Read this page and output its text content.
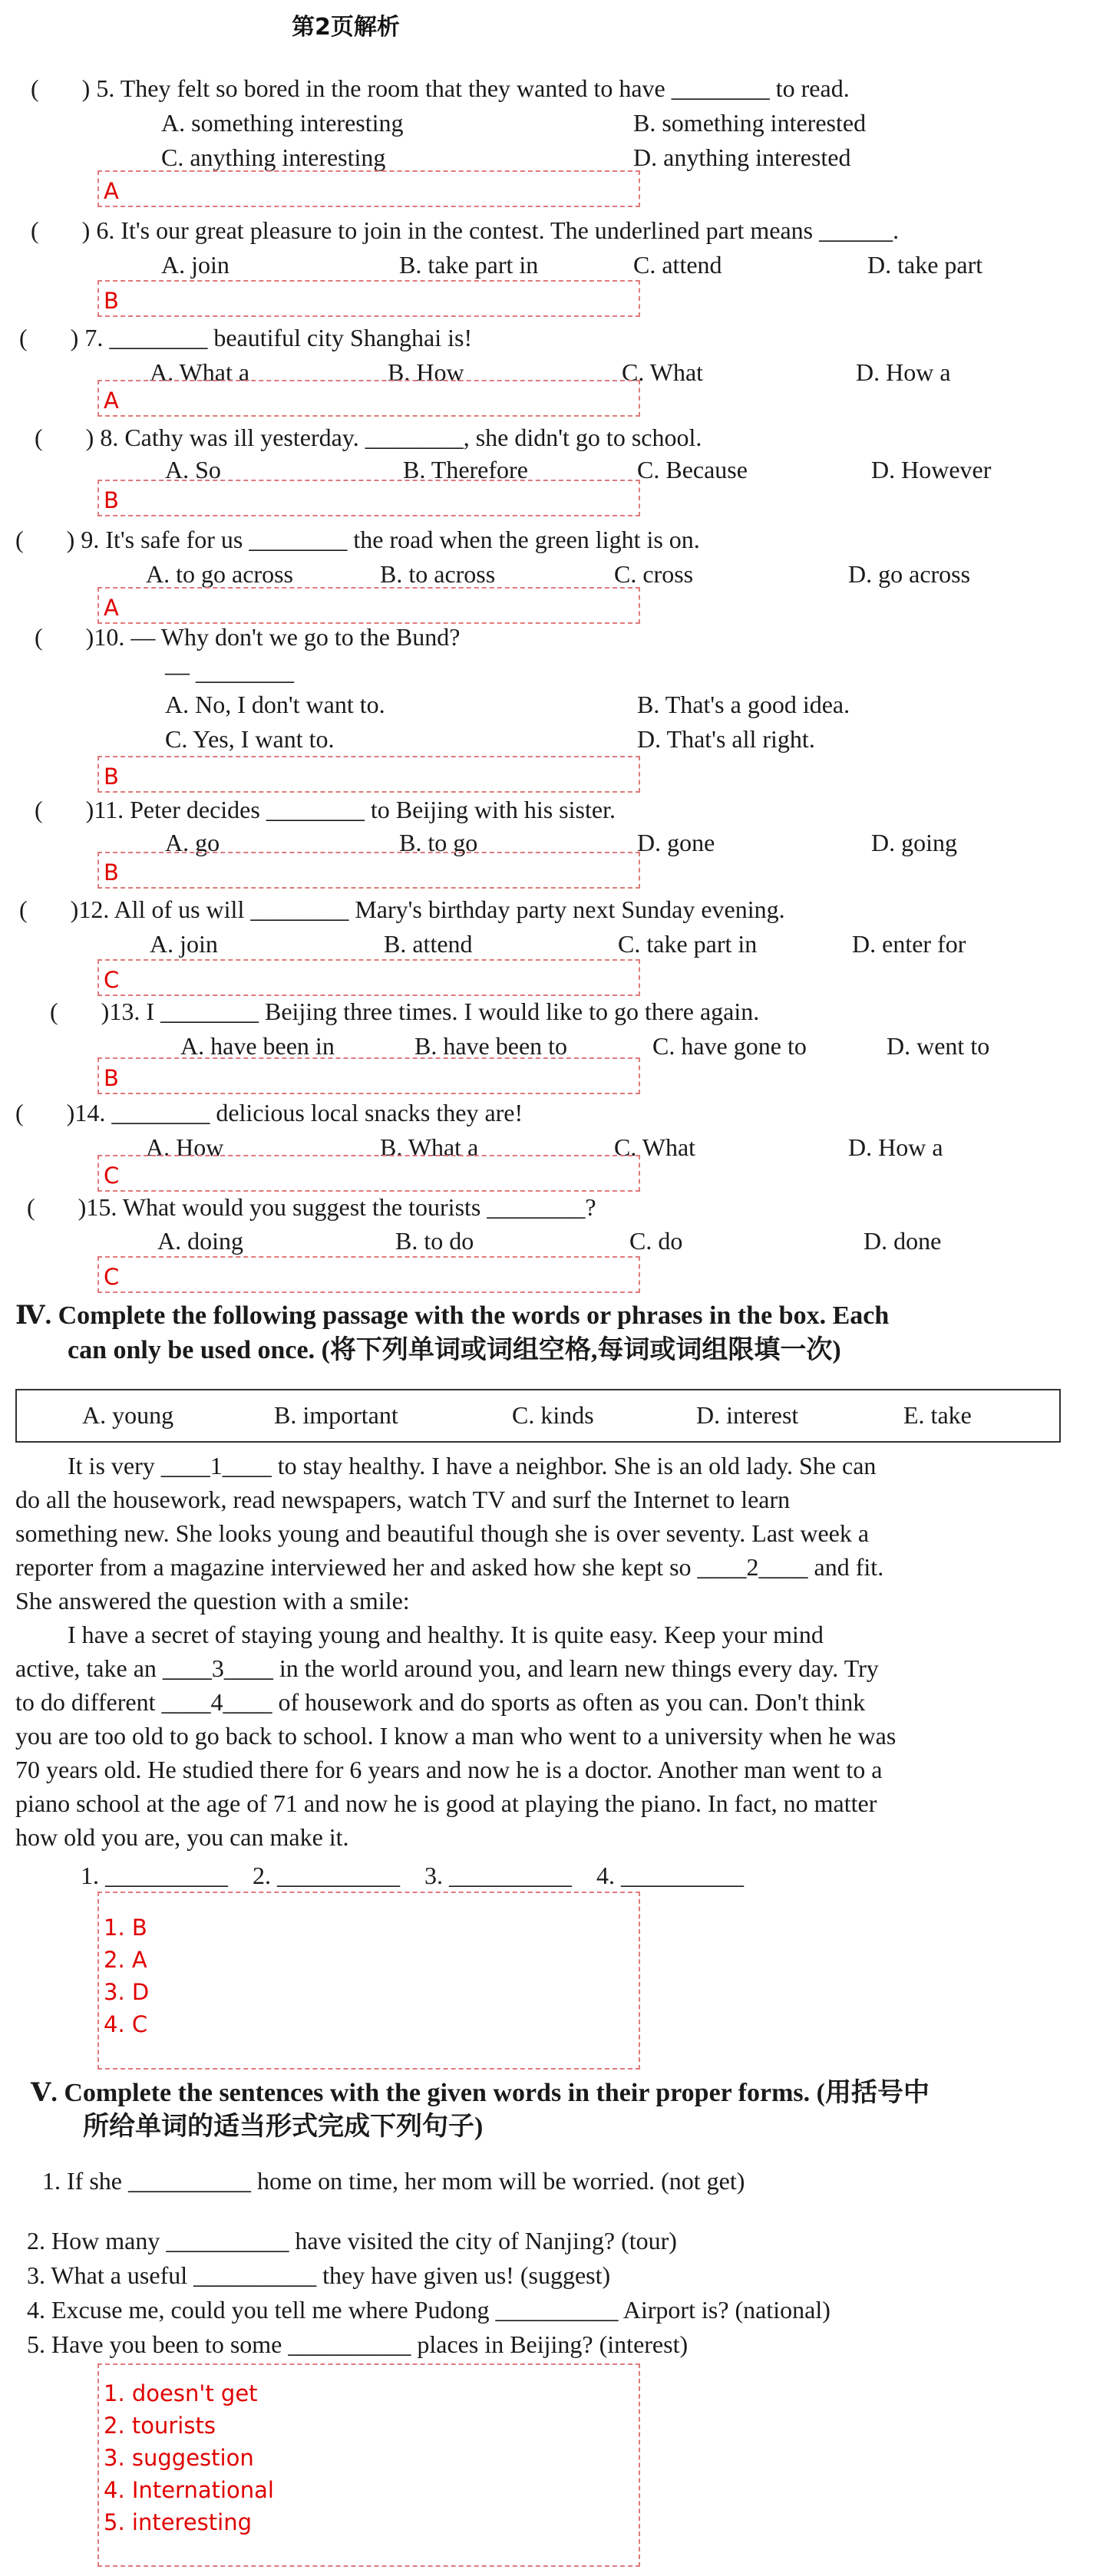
第2页解析
(       ) 5. They felt so bored in the room that they wanted to have ________ to read.
A. something interesting	B. something interested
C. anything interesting	D. anything interested
A
(       ) 6. It's our great pleasure to join in the contest. The underlined part means ______.
A. join	B. take part in	C. attend	D. take part
B
(       ) 7. ________ beautiful city Shanghai is!
A. What a	B. How	C. What	D. How a
A
(       ) 8. Cathy was ill yesterday. ________, she didn't go to school.
A. So	B. Therefore	C. Because	D. However
B
(       ) 9. It's safe for us ________ the road when the green light is on.
A. to go across	B. to across	C. cross	D. go across
A
(       )10. — Why don't we go to the Bund?
— ________
A. No, I don't want to.	B. That's a good idea.
C. Yes, I want to.	D. That's all right.
B
(       )11. Peter decides ________ to Beijing with his sister.
A. go	B. to go	D. gone	D. going
B
(       )12. All of us will ________ Mary's birthday party next Sunday evening.
A. join	B. attend	C. take part in	D. enter for
C
(       )13. I ________ Beijing three times. I would like to go there again.
A. have been in	B. have been to	C. have gone to	D. went to
B
(       )14. ________ delicious local snacks they are!
A. How	B. What a	C. What	D. How a
C
(       )15. What would you suggest the tourists ________?
A. doing	B. to do	C. do	D. done
C
Ⅳ. Complete the following passage with the words or phrases in the box. Each
can only be used once. (将下列单词或词组空格,每词或词组限填一次)
A. young	B. important	C. kinds	D. interest	E. take
It is very ____1____ to stay healthy. I have a neighbor. She is an old lady. She can
do all the housework, read newspapers, watch TV and surf the Internet to learn
something new. She looks young and beautiful though she is over seventy. Last week a
reporter from a magazine interviewed her and asked how she kept so ____2____ and fit.
She answered the question with a smile:
I have a secret of staying young and healthy. It is quite easy. Keep your mind
active, take an ____3____ in the world around you, and learn new things every day. Try
to do different ____4____ of housework and do sports as often as you can. Don't think
you are too old to go back to school. I know a man who went to a university when he was
70 years old. He studied there for 6 years and now he is a doctor. Another man went to a
piano school at the age of 71 and now he is good at playing the piano. In fact, no matter
how old you are, you can make it.
1. __________    2. __________    3. __________    4. __________
1. B
2. A
3. D
4. C
Ⅴ. Complete the sentences with the given words in their proper forms. (用括号中
所给单词的适当形式完成下列句子)
1. If she __________ home on time, her mom will be worried. (not get)
2. How many __________ have visited the city of Nanjing? (tour)
3. What a useful __________ they have given us! (suggest)
4. Excuse me, could you tell me where Pudong __________ Airport is? (national)
5. Have you been to some __________ places in Beijing? (interest)
1. doesn't get
2. tourists
3. suggestion
4. International
5. interesting
